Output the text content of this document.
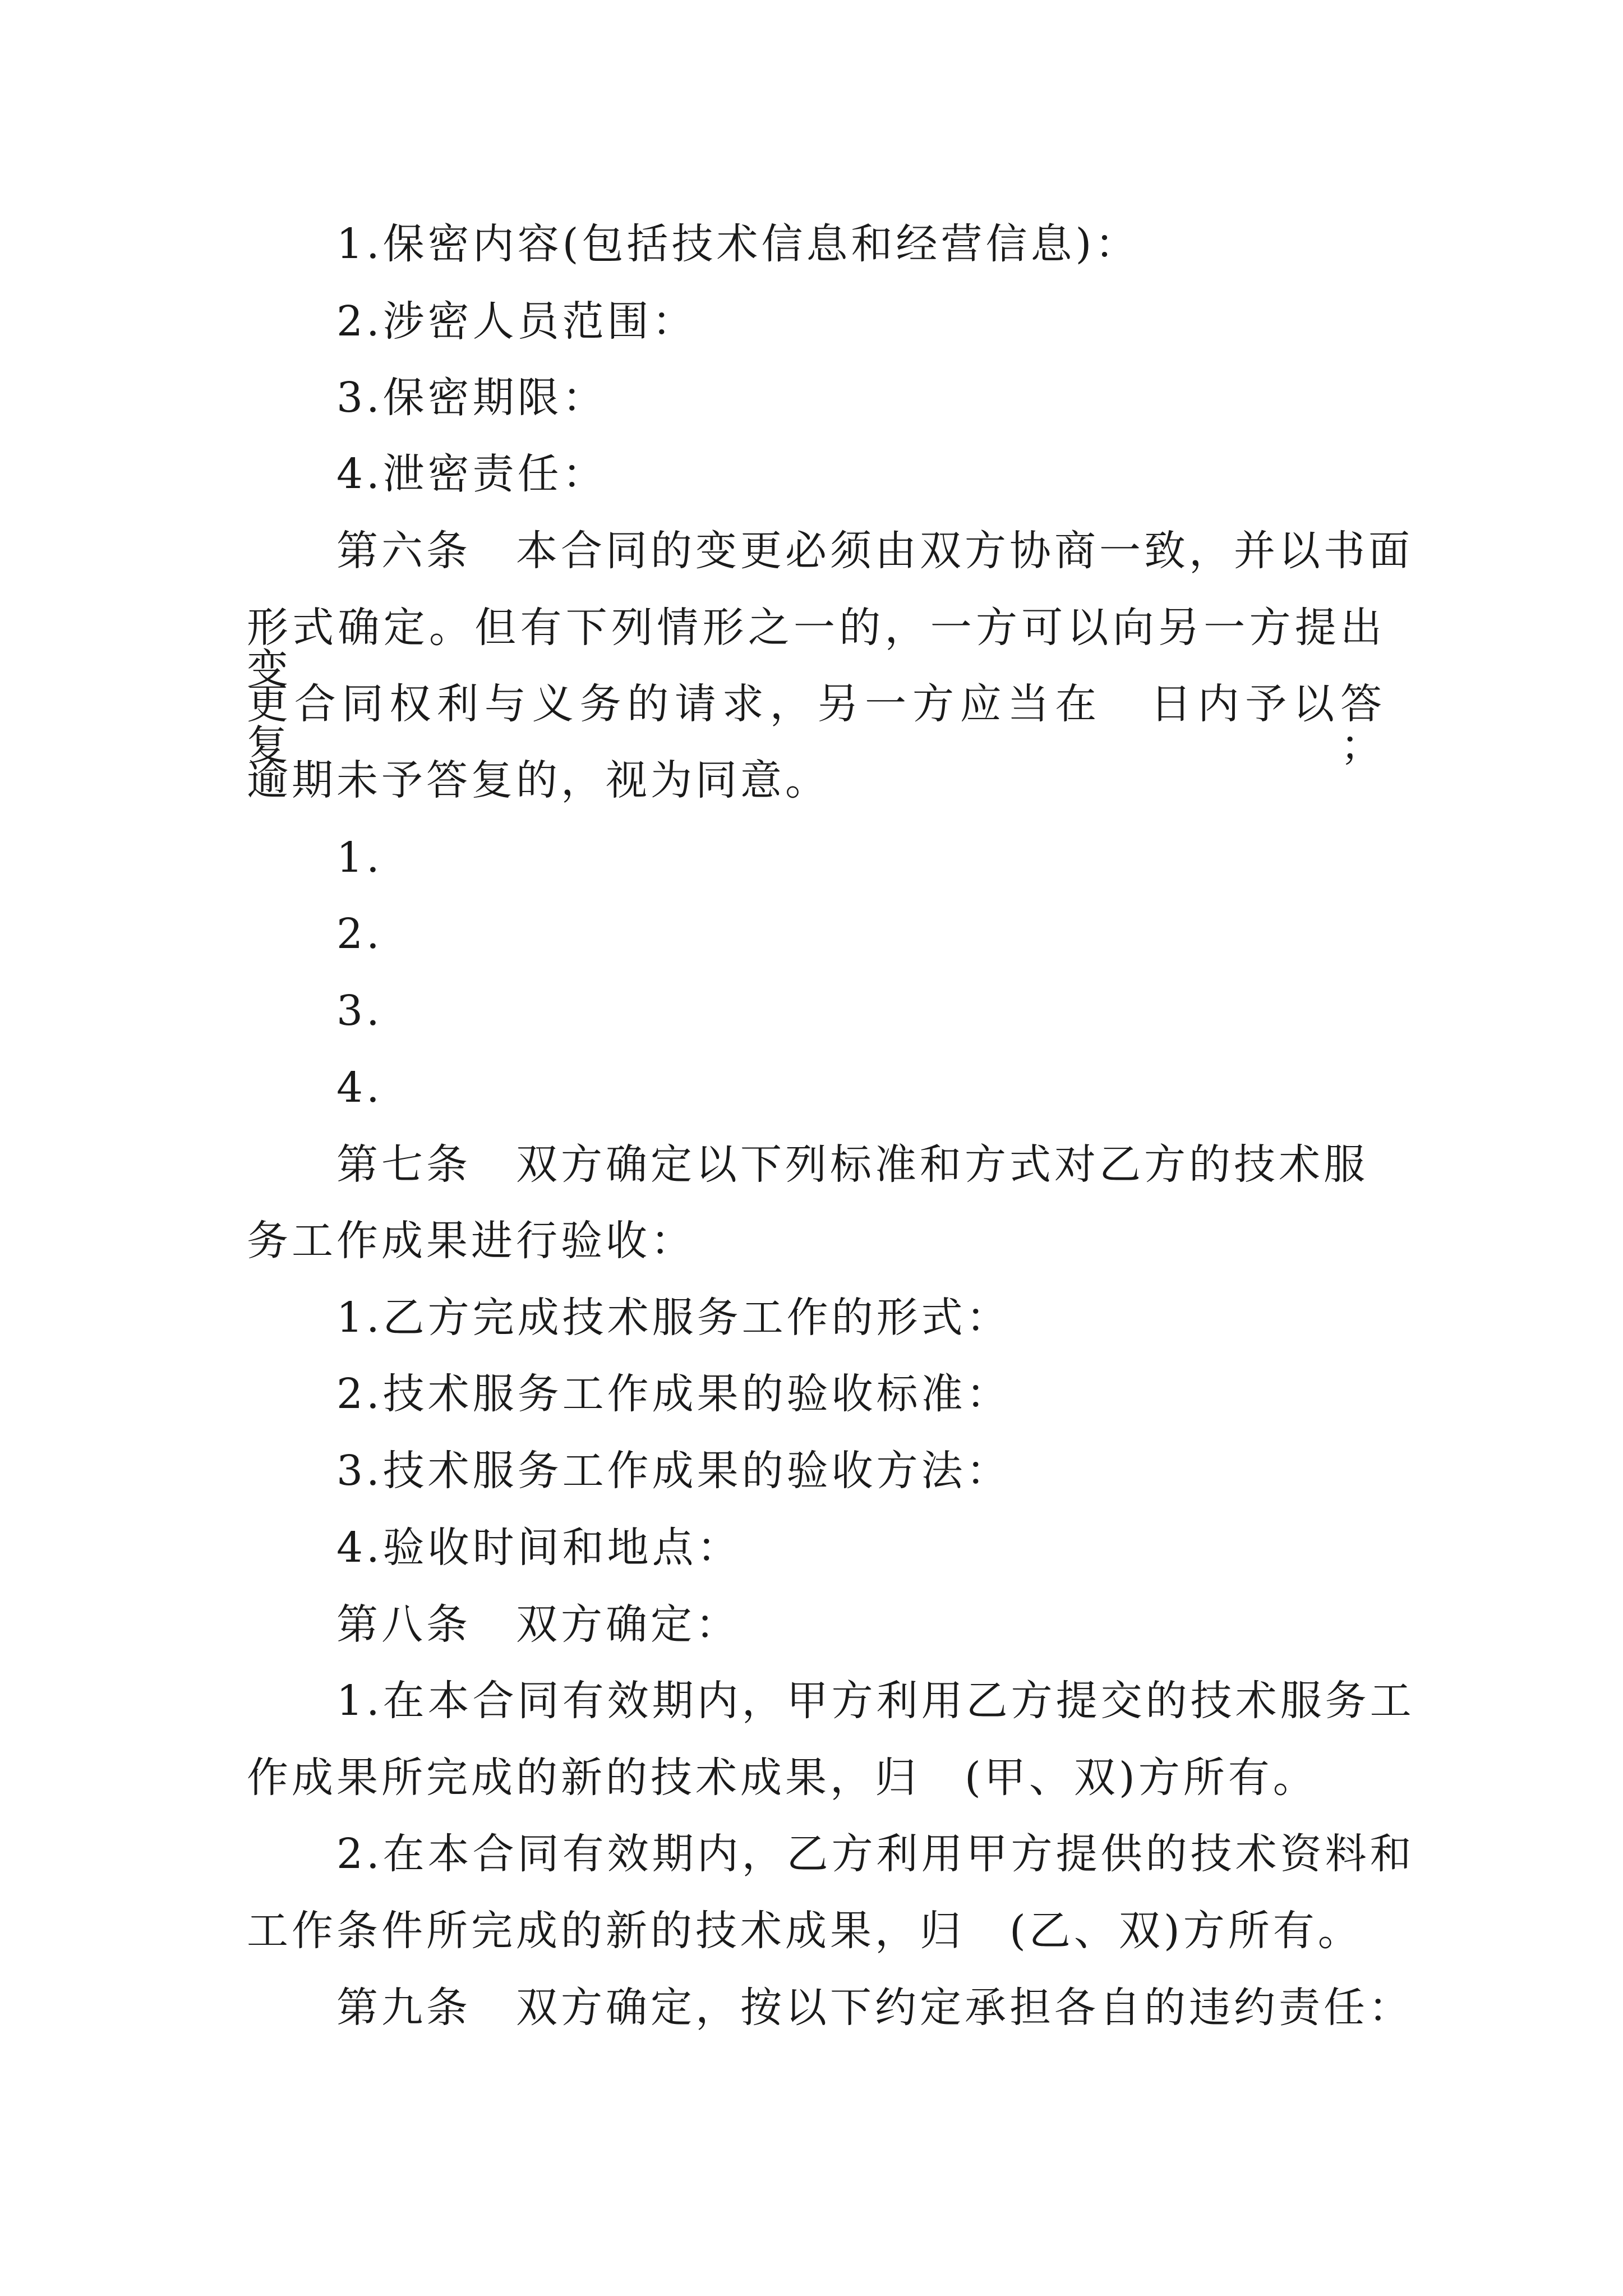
1.保密内容(包括技术信息和经营信息)：
2.涉密人员范围：
3.保密期限：
4.泄密责任：
第六条　本合同的变更必须由双方协商一致，并以书面
形式确定。但有下列情形之一的，一方可以向另一方提出变
更合同权利与义务的请求，另一方应当在　日内予以答复；
逾期未予答复的，视为同意。
1.
2.
3.
4.
第七条　双方确定以下列标准和方式对乙方的技术服
务工作成果进行验收：
1.乙方完成技术服务工作的形式：
2.技术服务工作成果的验收标准：
3.技术服务工作成果的验收方法：
4.验收时间和地点：
第八条　双方确定：
1.在本合同有效期内，甲方利用乙方提交的技术服务工
作成果所完成的新的技术成果，归　(甲、双)方所有。
2.在本合同有效期内，乙方利用甲方提供的技术资料和
工作条件所完成的新的技术成果，归　(乙、双)方所有。
第九条　双方确定，按以下约定承担各自的违约责任：
